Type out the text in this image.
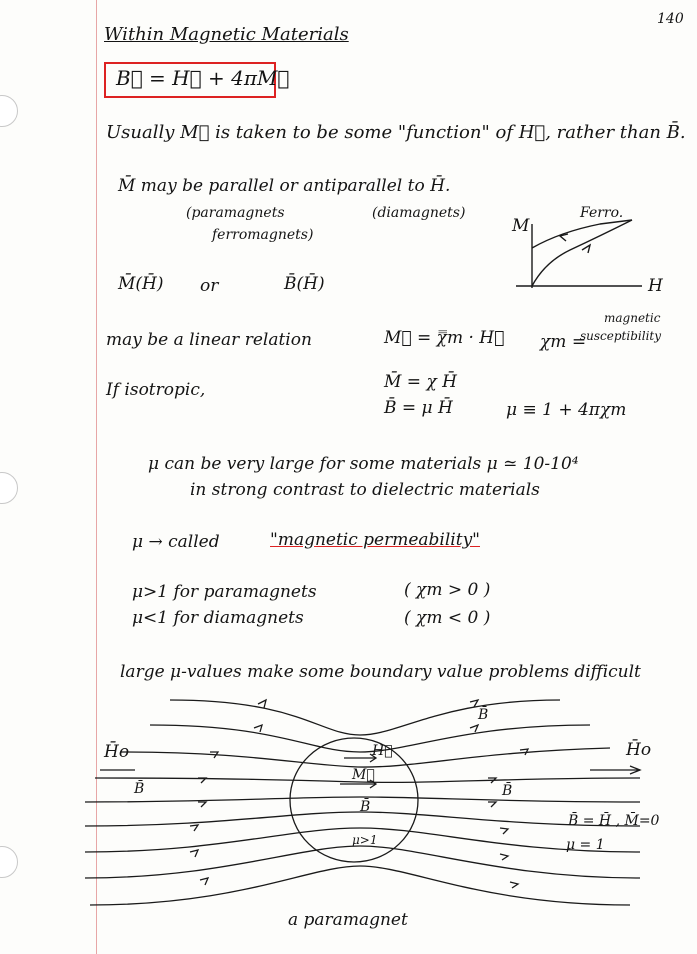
140
Within Magnetic Materials
B⃗ = H⃗ + 4πM⃗
Usually M⃗ is taken to be some "function" of H⃗, rather than B̄.
M̄ may be parallel or antiparallel to H̄.
(paramagnets
ferromagnets)
(diamagnets)
M
H
Ferro.
M̄(H̄) or	B̄(H̄)
may be a linear relation	M⃗ = χ̿m · H⃗ χm =
magnetic
susceptibility
If isotropic,	M̄ = χ H̄
B̄ = μ H̄	μ ≡ 1 + 4πχm
μ can be very large for some materials μ ≃ 10-10⁴
in strong contrast to dielectric materials
μ → called	"magnetic permeability"
μ>1 for paramagnets	( χm > 0 )
μ<1 for diamagnets	( χm < 0 )
large μ-values make some boundary value problems difficult
H̄o
B̄
H⃗
M⃗
B̄
μ>1
B̄
B̄
H̄o
B̄ = H̄ , M̄=0
μ = 1
a paramagnet
